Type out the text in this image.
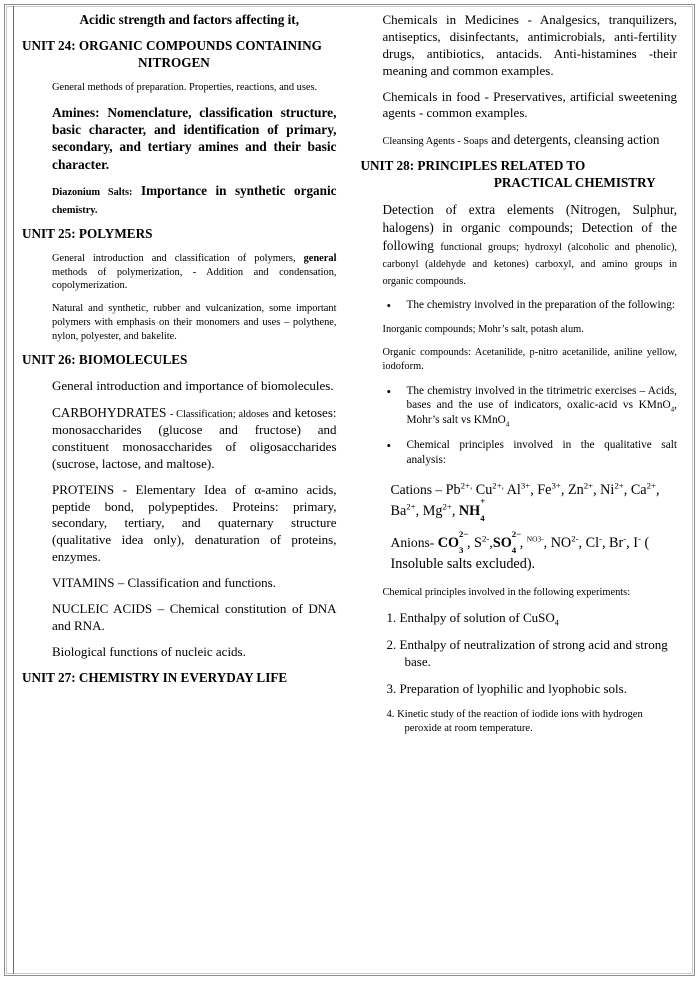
Acidic strength and factors affecting it,
UNIT 24: ORGANIC COMPOUNDS CONTAINING
NITROGEN
General methods of preparation. Properties, reactions, and uses.
Amines: Nomenclature, classification structure, basic character, and identification of primary, secondary, and tertiary amines and their basic character.
Diazonium Salts: Importance in synthetic organic chemistry.
UNIT 25: POLYMERS
General introduction and classification of polymers, general methods of polymerization, - Addition and condensation, copolymerization.
Natural and synthetic, rubber and vulcanization, some important polymers with emphasis on their monomers and uses – polythene, nylon, polyester, and bakelite.
UNIT 26: BIOMOLECULES
General introduction and importance of biomolecules.
CARBOHYDRATES - Classification; aldoses and ketoses: monosaccharides (glucose and fructose) and constituent monosaccharides of oligosaccharides (sucrose, lactose, and maltose).
PROTEINS - Elementary Idea of α-amino acids, peptide bond, polypeptides. Proteins: primary, secondary, tertiary, and quaternary structure (qualitative idea only), denaturation of proteins, enzymes.
VITAMINS – Classification and functions.
NUCLEIC ACIDS – Chemical constitution of DNA and RNA.
Biological functions of nucleic acids.
UNIT 27: CHEMISTRY IN EVERYDAY LIFE
Chemicals in Medicines - Analgesics, tranquilizers, antiseptics, disinfectants, antimicrobials, anti-fertility drugs, antibiotics, antacids. Anti-histamines -their meaning and common examples.
Chemicals in food - Preservatives, artificial sweetening agents - common examples.
Cleansing Agents - Soaps and detergents, cleansing action
UNIT 28: PRINCIPLES RELATED TO
PRACTICAL CHEMISTRY
Detection of extra elements (Nitrogen, Sulphur, halogens) in organic compounds; Detection of the following functional groups; hydroxyl (alcoholic and phenolic), carbonyl (aldehyde and ketones) carboxyl, and amino groups in organic compounds.
• The chemistry involved in the preparation of the following:
Inorganic compounds; Mohr’s salt, potash alum.
Organic compounds: Acetanilide, p-nitro acetanilide, aniline yellow, iodoform.
• The chemistry involved in the titrimetric exercises – Acids, bases and the use of indicators, oxalic-acid vs KMnO$_4$, Mohr’s salt vs KMnO$_4$
• Chemical principles involved in the qualitative salt analysis:
Cations – $Pb^{2+,}$ $Cu^{2+,}$ $Al^{3+}$, $Fe^{3+}$, $Zn^{2+}$, $Ni^{2+}$, $Ca^{2+}$, $Ba^{2+}$, $Mg^{2+}$, NH
+
4
Anions- CO
2−
3 , $S^{2-},SO$
2−
4 , $^{NO3-}$, $NO^{2-}$, Cl-, Br-, I- ( Insoluble salts excluded).
Chemical principles involved in the following experiments:
1. Enthalpy of solution of CuSO$_4$
2. Enthalpy of neutralization of strong acid and strong base.
3. Preparation of lyophilic and lyophobic sols.
4. Kinetic study of the reaction of iodide ions with hydrogen peroxide at room temperature.
